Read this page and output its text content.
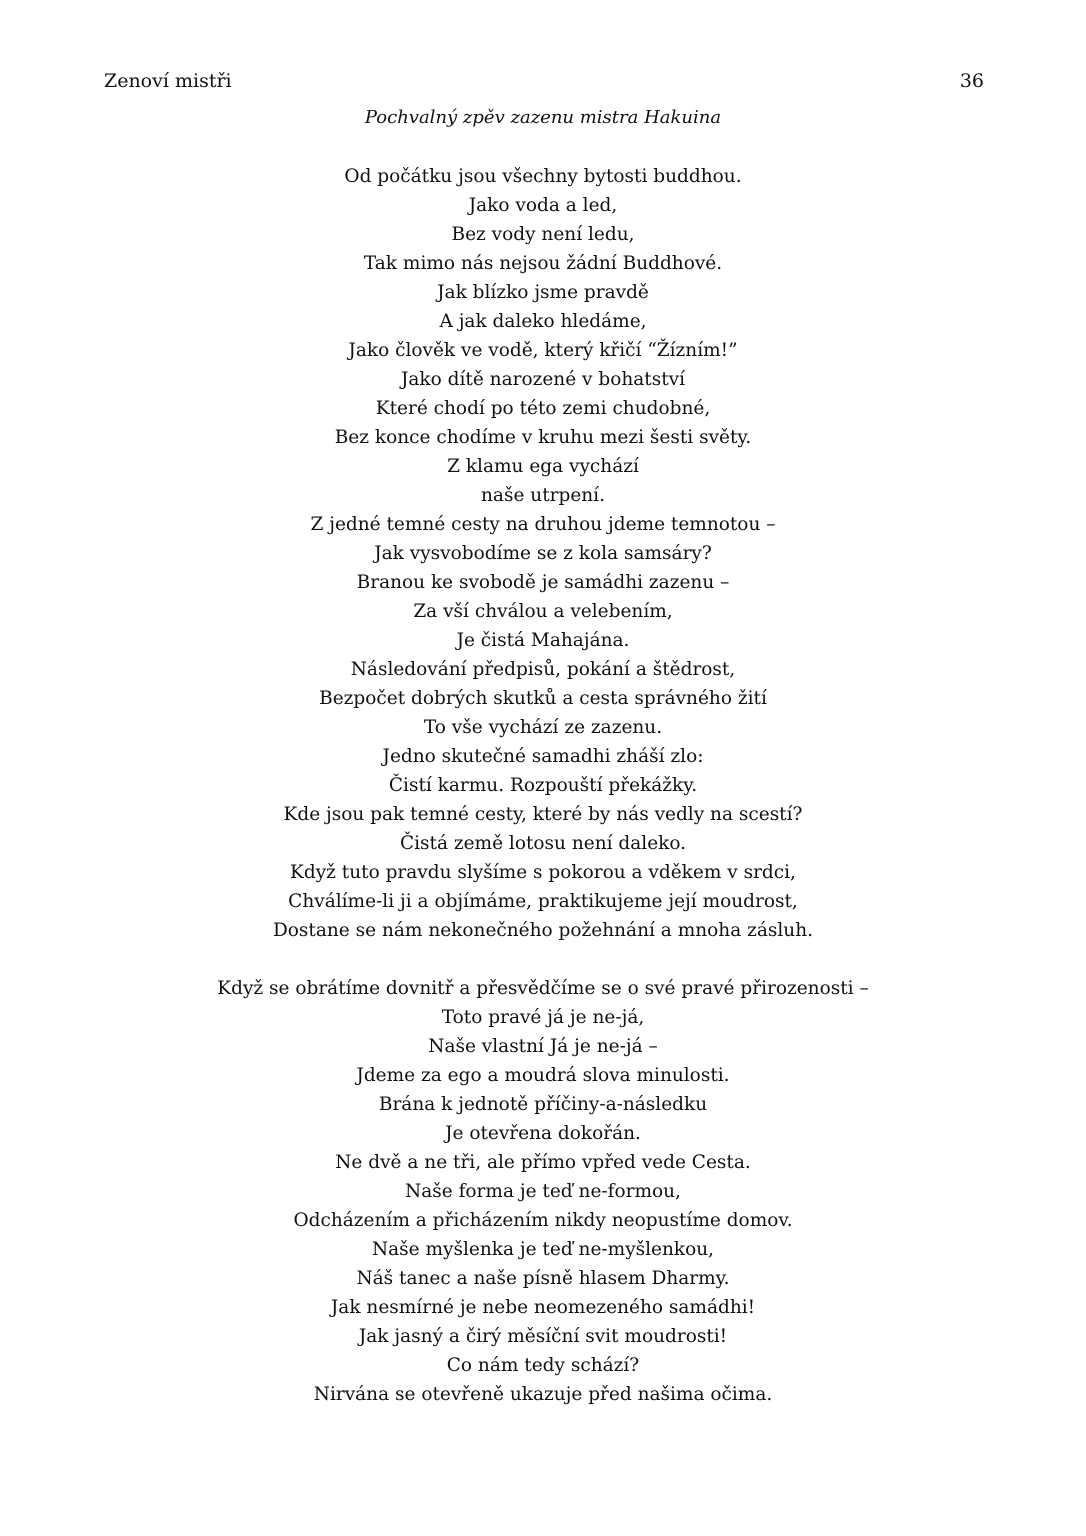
Zenoví mistři	36
Pochvalný zpěv zazenu mistra Hakuina
Od počátku jsou všechny bytosti buddhou.
Jako voda a led,
Bez vody není ledu,
Tak mimo nás nejsou žádní Buddhové.
Jak blízko jsme pravdě
A jak daleko hledáme,
Jako člověk ve vodě, který křičí “Žízním!”
Jako dítě narozené v bohatství
Které chodí po této zemi chudobné,
Bez konce chodíme v kruhu mezi šesti světy.
Z klamu ega vychází
naše utrpení.
Z jedné temné cesty na druhou jdeme temnotou –
Jak vysvobodíme se z kola samsáry?
Branou ke svobodě je samádhi zazenu –
Za vší chválou a velebením,
Je čistá Mahajána.
Následování předpisů, pokání a štědrost,
Bezpočet dobrých skutků a cesta správného žití
To vše vychází ze zazenu.
Jedno skutečné samadhi zháší zlo:
Čistí karmu. Rozpouští překážky.
Kde jsou pak temné cesty, které by nás vedly na scestí?
Čistá země lotosu není daleko.
Když tuto pravdu slyšíme s pokorou a vděkem v srdci,
Chválíme-li ji a objímáme, praktikujeme její moudrost,
Dostane se nám nekonečného požehnání a mnoha zásluh.
Když se obrátíme dovnitř a přesvědčíme se o své pravé přirozenosti –
Toto pravé já je ne-já,
Naše vlastní Já je ne-já –
Jdeme za ego a moudrá slova minulosti.
Brána k jednotě příčiny-a-následku
Je otevřena dokořán.
Ne dvě a ne tři, ale přímo vpřed vede Cesta.
Naše forma je teď ne-formou,
Odcházením a přicházením nikdy neopustíme domov.
Naše myšlenka je teď ne-myšlenkou,
Náš tanec a naše písně hlasem Dharmy.
Jak nesmírné je nebe neomezeného samádhi!
Jak jasný a čirý měsíční svit moudrosti!
Co nám tedy schází?
Nirvána se otevřeně ukazuje před našima očima.
